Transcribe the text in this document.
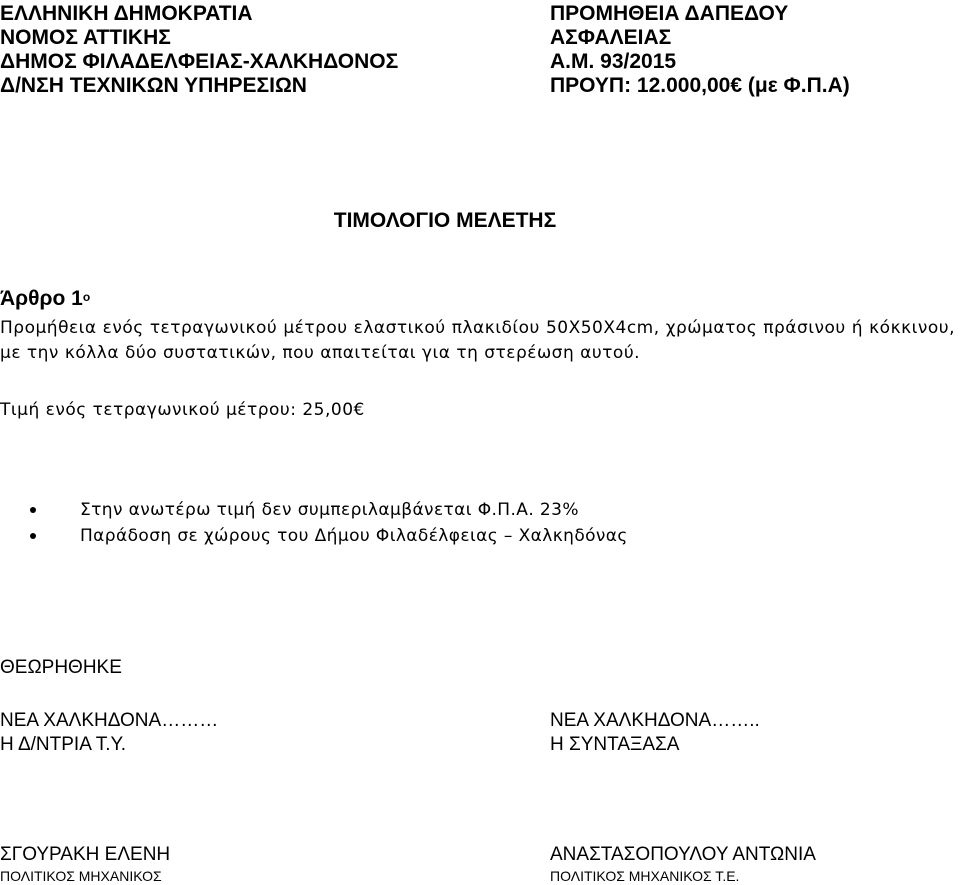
ΕΛΛΗΝΙΚΗ ΔΗΜΟΚΡΑΤΙΑ
ΝΟΜΟΣ ΑΤΤΙΚΗΣ
ΔΗΜΟΣ ΦΙΛΑΔΕΛΦΕΙΑΣ-ΧΑΛΚΗΔΟΝΟΣ
Δ/ΝΣΗ ΤΕΧΝΙΚΩΝ ΥΠΗΡΕΣΙΩΝ
ΠΡΟΜΗΘΕΙΑ ΔΑΠΕΔΟΥ
ΑΣΦΑΛΕΙΑΣ
Α.Μ. 93/2015
ΠΡΟΥΠ: 12.000,00€ (με Φ.Π.Α)
ΤΙΜΟΛΟΓΙΟ ΜΕΛΕΤΗΣ
Άρθρο $1^o$
Προμήθεια ενός τετραγωνικού μέτρου ελαστικού πλακιδίου 50Χ50Χ4cm, χρώματος πράσινου ή κόκκινου, με την κόλλα δύο συστατικών, που απαιτείται για τη στερέωση αυτού.
Τιμή ενός τετραγωνικού μέτρου: 25,00€
Στην ανωτέρω τιμή δεν συμπεριλαμβάνεται Φ.Π.Α. 23%
Παράδοση σε χώρους του Δήμου Φιλαδέλφειας – Χαλκηδόνας
ΘΕΩΡΗΘΗΚΕ
ΝΕΑ ΧΑΛΚΗΔΟΝΑ………
Η Δ/ΝΤΡΙΑ Τ.Υ.
ΝΕΑ ΧΑΛΚΗΔΟΝΑ……..
Η ΣΥΝΤΑΞΑΣΑ
ΣΓΟΥΡΑΚΗ ΕΛΕΝΗ
ΠΟΛΙΤΙΚΟΣ ΜΗΧΑΝΙΚΟΣ
ΑΝΑΣΤΑΣΟΠΟΥΛΟΥ ΑΝΤΩΝΙΑ
ΠΟΛΙΤΙΚΟΣ ΜΗΧΑΝΙΚΟΣ Τ.Ε.
